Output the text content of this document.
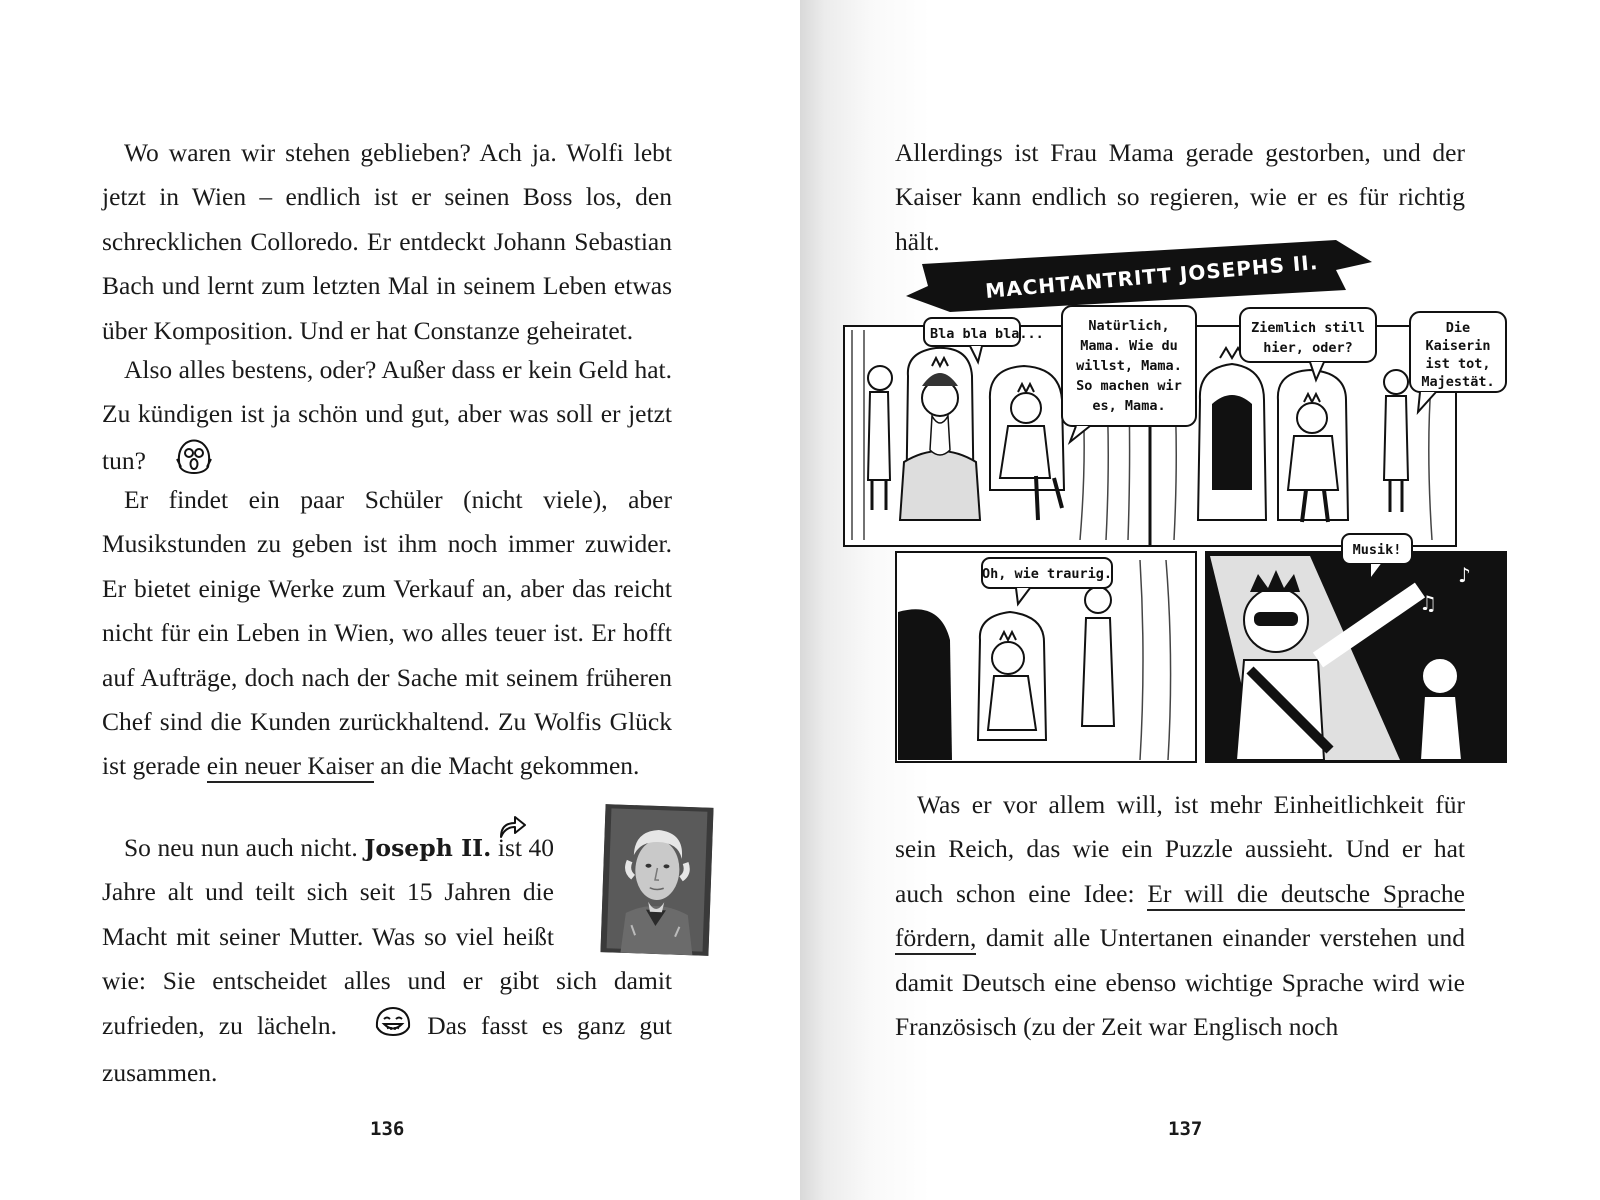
Wo waren wir stehen geblieben? Ach ja. Wolfi lebt jetzt in Wien – endlich ist er seinen Boss los, den schrecklichen Colloredo. Er entdeckt Johann Sebastian Bach und lernt zum letzten Mal in seinem Leben etwas über Komposition. Und er hat Constanze geheiratet.

Also alles bestens, oder? Außer dass er kein Geld hat. Zu kündigen ist ja schön und gut, aber was soll er jetzt tun?

Er findet ein paar Schüler (nicht viele), aber Musikstunden zu geben ist ihm noch immer zuwider. Er bietet einige Werke zum Verkauf an, aber das reicht nicht für ein Leben in Wien, wo alles teuer ist. Er hofft auf Aufträge, doch nach der Sache mit seinem früheren Chef sind die Kunden zurückhaltend. Zu Wolfis Glück ist gerade ein neuer Kaiser an die Macht gekommen.

So neu nun auch nicht. Joseph II. ist 40 Jahre alt und teilt sich seit 15 Jahren die Macht mit seiner Mutter. Was so viel heißt wie: Sie entscheidet alles und er gibt sich damit zufrieden, zu lächeln.	Das fasst es ganz gut zusammen.

136

Allerdings ist Frau Mama gerade gestorben, und der Kaiser kann endlich so regieren, wie er es für richtig hält.

MACHTANTRITT JOSEPHS II.
Bla bla bla...	Natürlich,
Mama. Wie du
willst, Mama.
So machen wir
es, Mama.
Ziemlich still
hier, oder?
Die
Kaiserin
ist tot,
Majestät.
Oh, wie traurig.
♪ ♫
♪
Musik!

Was er vor allem will, ist mehr Einheitlichkeit für sein Reich, das wie ein Puzzle aussieht. Und er hat auch schon eine Idee: Er will die deutsche Sprache fördern, damit alle Untertanen einander verstehen und damit Deutsch eine ebenso wichtige Sprache wird wie Französisch (zu der Zeit war Englisch noch

137
